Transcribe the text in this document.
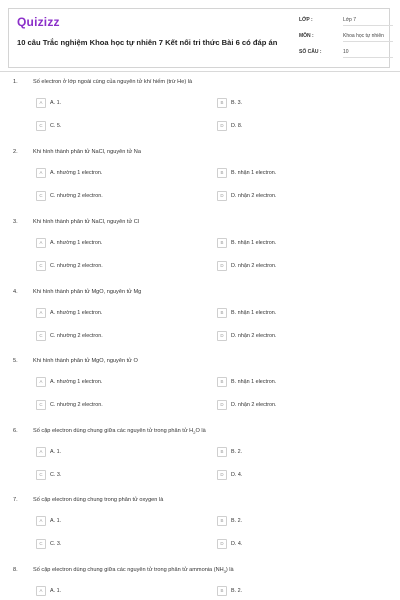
Quizizz
10 câu Trắc nghiệm Khoa học tự nhiên 7 Kết nối tri thức Bài 6 có đáp án
LỚP :	Lớp 7
MÔN :	Khoa học tự nhiên
SỐ CÂU :	10
1.	Số electron ở lớp ngoài cùng của nguyên tử khí hiếm (trừ He) là
A A. 1.	B B. 3.
C C. 5.	D D. 8.
2.	Khi hình thành phân tử NaCl, nguyên tử Na
A A. nhường 1 electron.	B B. nhận 1 electron.
C C. nhường 2 electron.	D D. nhận 2 electron.
3.	Khi hình thành phân tử NaCl, nguyên tử Cl
A A. nhường 1 electron.	B B. nhận 1 electron.
C C. nhường 2 electron.	D D. nhận 2 electron.
4.	Khi hình thành phân tử MgO, nguyên tử Mg
A A. nhường 1 electron.	B B. nhận 1 electron.
C C. nhường 2 electron.	D D. nhận 2 electron.
5.	Khi hình thành phân tử MgO, nguyên tử O
A A. nhường 1 electron.	B B. nhận 1 electron.
C C. nhường 2 electron.	D D. nhận 2 electron.
6.	Số cặp electron dùng chung giữa các nguyên tử trong phân tử $H_2O$ là
A A. 1.	B B. 2.
C C. 3.	D D. 4.
7.	Số cặp electron dùng chung trong phân tử oxygen là
A A. 1.	B B. 2.
C C. 3.	D D. 4.
8.	Số cặp electron dùng chung giữa các nguyên tử trong phân tử ammonia $(NH_3)$ là
A A. 1.	B B. 2.
